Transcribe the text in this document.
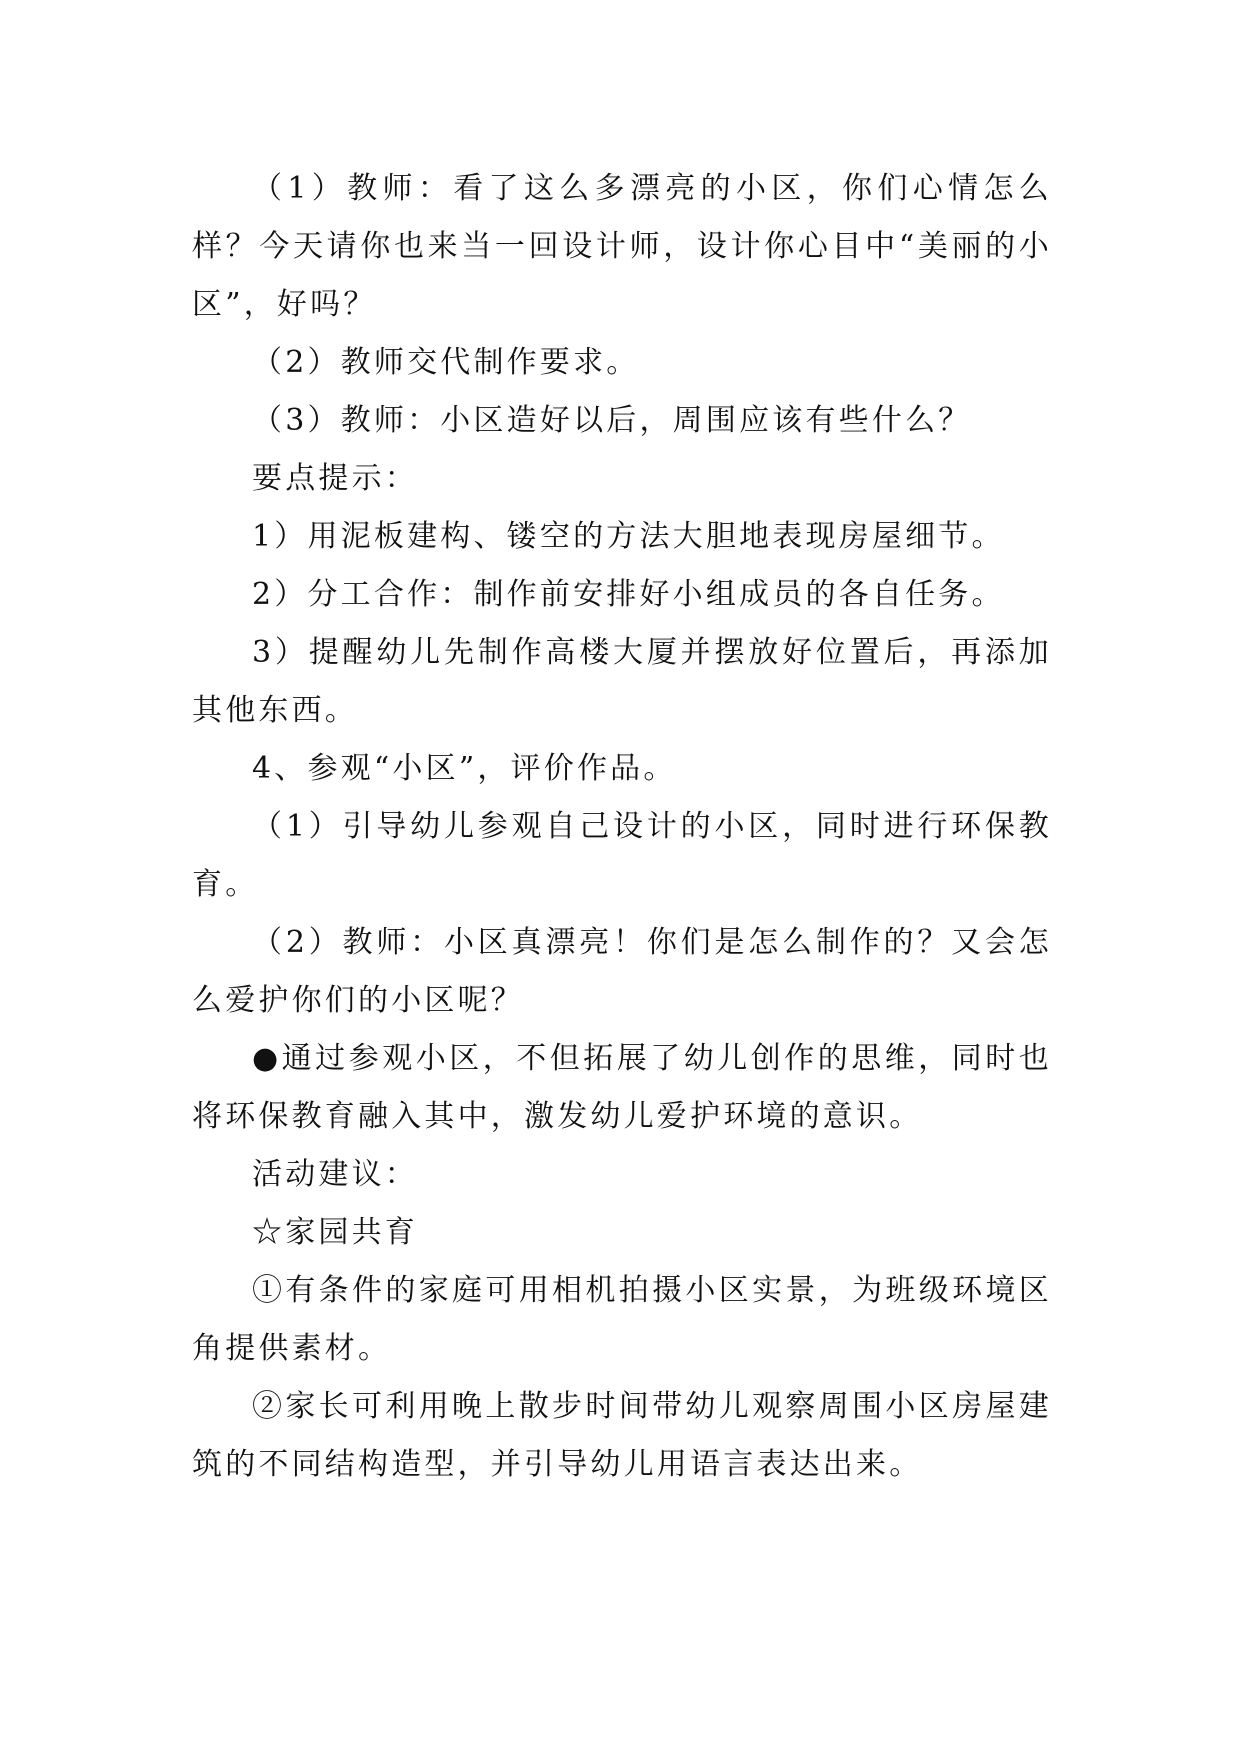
（1）教师：看了这么多漂亮的小区，你们心情怎么样？今天请你也来当一回设计师，设计你心目中“美丽的小区”，好吗？

（2）教师交代制作要求。

（3）教师：小区造好以后，周围应该有些什么？

要点提示：

1）用泥板建构、镂空的方法大胆地表现房屋细节。

2）分工合作：制作前安排好小组成员的各自任务。

3）提醒幼儿先制作高楼大厦并摆放好位置后，再添加其他东西。

4、参观“小区”，评价作品。

（1）引导幼儿参观自己设计的小区，同时进行环保教育。

（2）教师：小区真漂亮！你们是怎么制作的？又会怎么爱护你们的小区呢？

●通过参观小区，不但拓展了幼儿创作的思维，同时也将环保教育融入其中，激发幼儿爱护环境的意识。

活动建议：

☆家园共育

①有条件的家庭可用相机拍摄小区实景，为班级环境区角提供素材。

②家长可利用晚上散步时间带幼儿观察周围小区房屋建筑的不同结构造型，并引导幼儿用语言表达出来。
